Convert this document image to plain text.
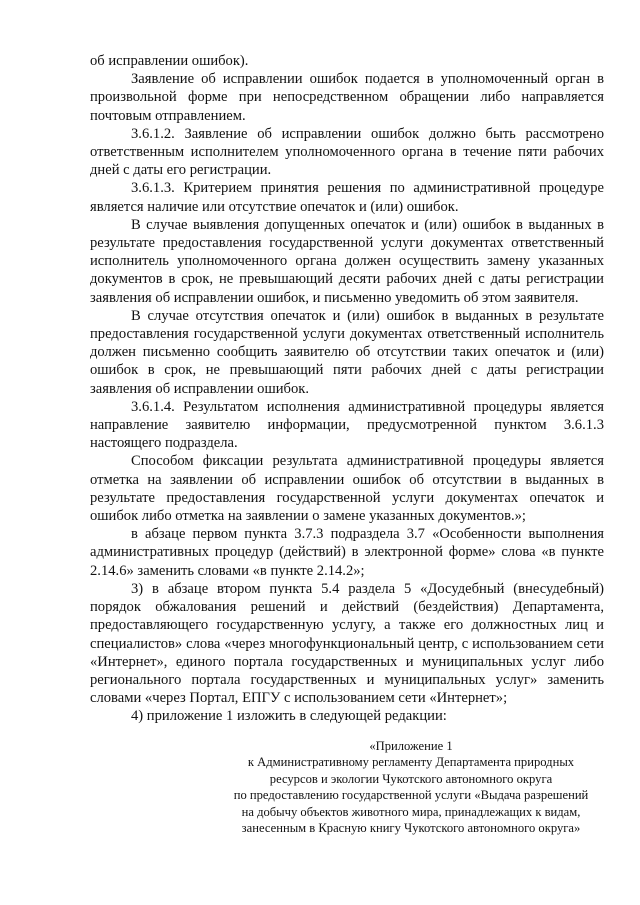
об исправлении ошибок).

Заявление об исправлении ошибок подается в уполномоченный орган в произвольной форме при непосредственном обращении либо направляется почтовым отправлением.

3.6.1.2. Заявление об исправлении ошибок должно быть рассмотрено ответственным исполнителем уполномоченного органа в течение пяти рабочих дней с даты его регистрации.

3.6.1.3. Критерием принятия решения по административной процедуре является наличие или отсутствие опечаток и (или) ошибок.

В случае выявления допущенных опечаток и (или) ошибок в выданных в результате предоставления государственной услуги документах ответственный исполнитель уполномоченного органа должен осуществить замену указанных документов в срок, не превышающий десяти рабочих дней с даты регистрации заявления об исправлении ошибок, и письменно уведомить об этом заявителя.

В случае отсутствия опечаток и (или) ошибок в выданных в результате предоставления государственной услуги документах ответственный исполнитель должен письменно сообщить заявителю об отсутствии таких опечаток и (или) ошибок в срок, не превышающий пяти рабочих дней с даты регистрации заявления об исправлении ошибок.

3.6.1.4. Результатом исполнения административной процедуры является направление заявителю информации, предусмотренной пунктом 3.6.1.3 настоящего подраздела.

Способом фиксации результата административной процедуры является отметка на заявлении об исправлении ошибок об отсутствии в выданных в результате предоставления государственной услуги документах опечаток и ошибок либо отметка на заявлении о замене указанных документов.»;

в абзаце первом пункта 3.7.3 подраздела 3.7 «Особенности выполнения административных процедур (действий) в электронной форме» слова «в пункте 2.14.6» заменить словами «в пункте 2.14.2»;

3) в абзаце втором пункта 5.4 раздела 5 «Досудебный (внесудебный) порядок обжалования решений и действий (бездействия) Департамента, предоставляющего государственную услугу, а также его должностных лиц и специалистов» слова «через многофункциональный центр, с использованием сети «Интернет», единого портала государственных и муниципальных услуг либо регионального портала государственных и муниципальных услуг» заменить словами «через Портал, ЕПГУ с использованием сети «Интернет»;

4) приложение 1 изложить в следующей редакции:

«Приложение 1
к Административному регламенту Департамента природных
ресурсов и экологии Чукотского автономного округа
по предоставлению государственной услуги «Выдача разрешений
на добычу объектов животного мира, принадлежащих к видам,
занесенным в Красную книгу Чукотского автономного округа»
